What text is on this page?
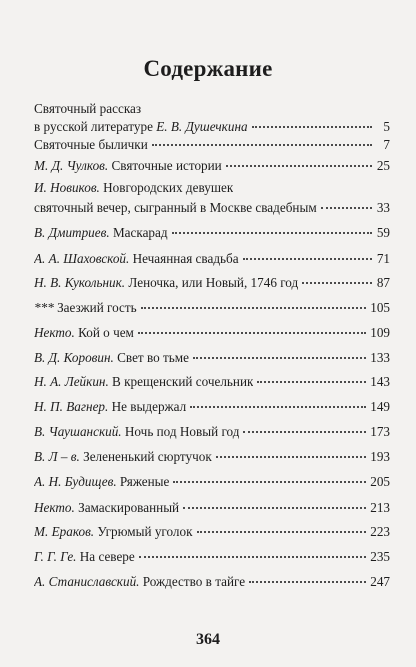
Содержание
Святочный рассказ
в русской литературе Е. В. Душечкина	5
Святочные былички	7
М. Д. Чулков. Святочные истории	25
И. Новиков. Новгородских девушек
святочный вечер, сыгранный в Москве свадебным	33
В. Дмитриев. Маскарад	59
А. А. Шаховской. Нечаянная свадьба	71
Н. В. Кукольник. Леночка, или Новый, 1746 год	87
*** Заезжий гость	105
Некто. Кой о чем	109
В. Д. Коровин. Свет во тьме	133
Н. А. Лейкин. В крещенский сочельник	143
Н. П. Вагнер. Не выдержал	149
В. Чаушанский. Ночь под Новый год	173
В. Л – в. Зелененький сюртучок	193
А. Н. Будищев. Ряженые	205
Некто. Замаскированный	213
М. Ераков. Угрюмый уголок	223
Г. Г. Ге. На севере	235
А. Станиславский. Рождество в тайге	247
364
